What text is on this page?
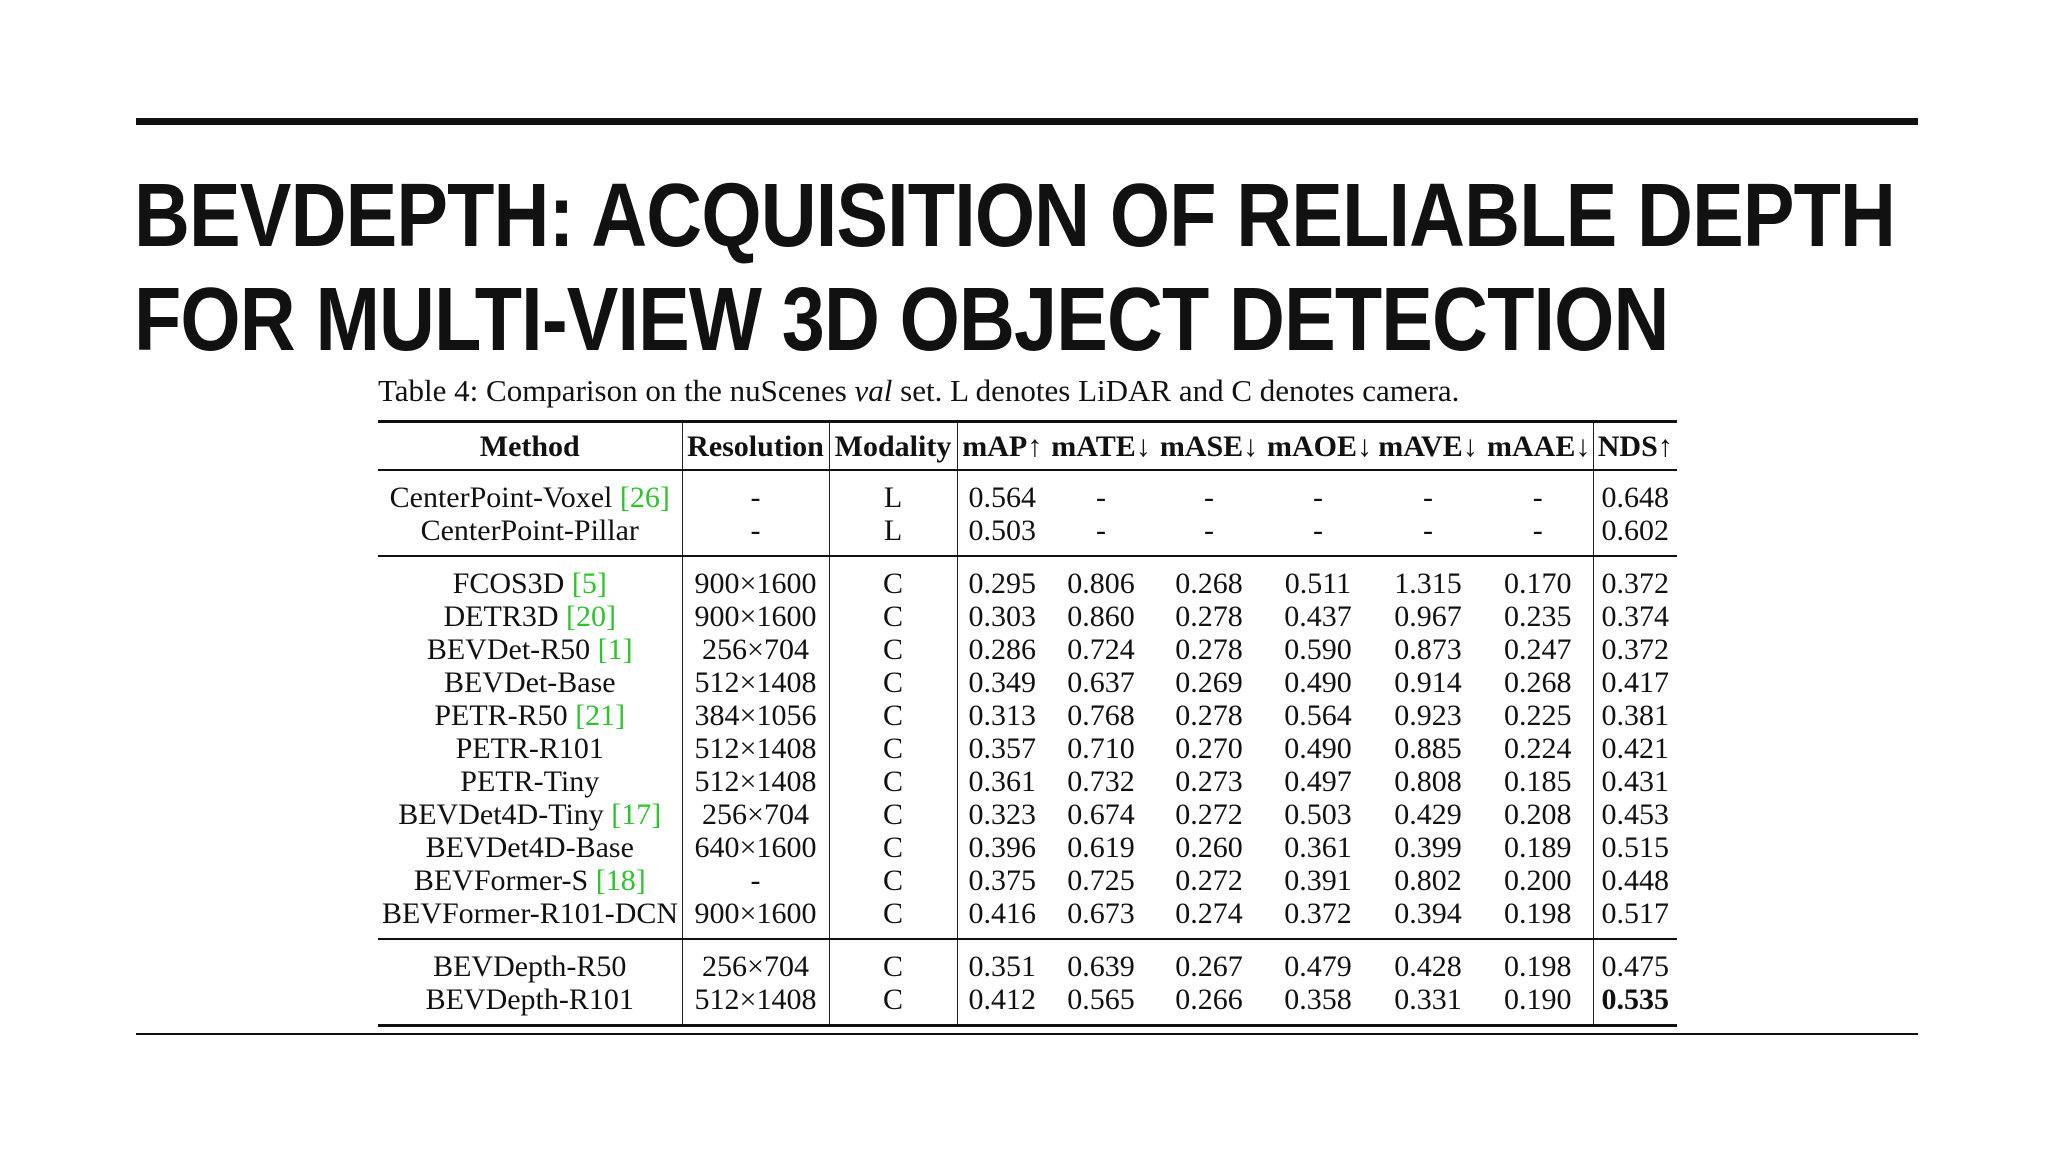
BEVDEPTH: ACQUISITION OF RELIABLE DEPTH
FOR MULTI-VIEW 3D OBJECT DETECTION
Table 4: Comparison on the nuScenes val set. L denotes LiDAR and C denotes camera.
Method	Resolution	Modality	mAP↑	mATE↓	mASE↓	mAOE↓	mAVE↓	mAAE↓	NDS↑
CenterPoint-Voxel [26]	-	L	0.564	-	-	-	-	-	0.648
CenterPoint-Pillar	-	L	0.503	-	-	-	-	-	0.602
FCOS3D [5]	900×1600	C	0.295	0.806	0.268	0.511	1.315	0.170	0.372
DETR3D [20]	900×1600	C	0.303	0.860	0.278	0.437	0.967	0.235	0.374
BEVDet-R50 [1]	256×704	C	0.286	0.724	0.278	0.590	0.873	0.247	0.372
BEVDet-Base	512×1408	C	0.349	0.637	0.269	0.490	0.914	0.268	0.417
PETR-R50 [21]	384×1056	C	0.313	0.768	0.278	0.564	0.923	0.225	0.381
PETR-R101	512×1408	C	0.357	0.710	0.270	0.490	0.885	0.224	0.421
PETR-Tiny	512×1408	C	0.361	0.732	0.273	0.497	0.808	0.185	0.431
BEVDet4D-Tiny [17]	256×704	C	0.323	0.674	0.272	0.503	0.429	0.208	0.453
BEVDet4D-Base	640×1600	C	0.396	0.619	0.260	0.361	0.399	0.189	0.515
BEVFormer-S [18]	-	C	0.375	0.725	0.272	0.391	0.802	0.200	0.448
BEVFormer-R101-DCN	900×1600	C	0.416	0.673	0.274	0.372	0.394	0.198	0.517
BEVDepth-R50	256×704	C	0.351	0.639	0.267	0.479	0.428	0.198	0.475
BEVDepth-R101	512×1408	C	0.412	0.565	0.266	0.358	0.331	0.190	0.535
